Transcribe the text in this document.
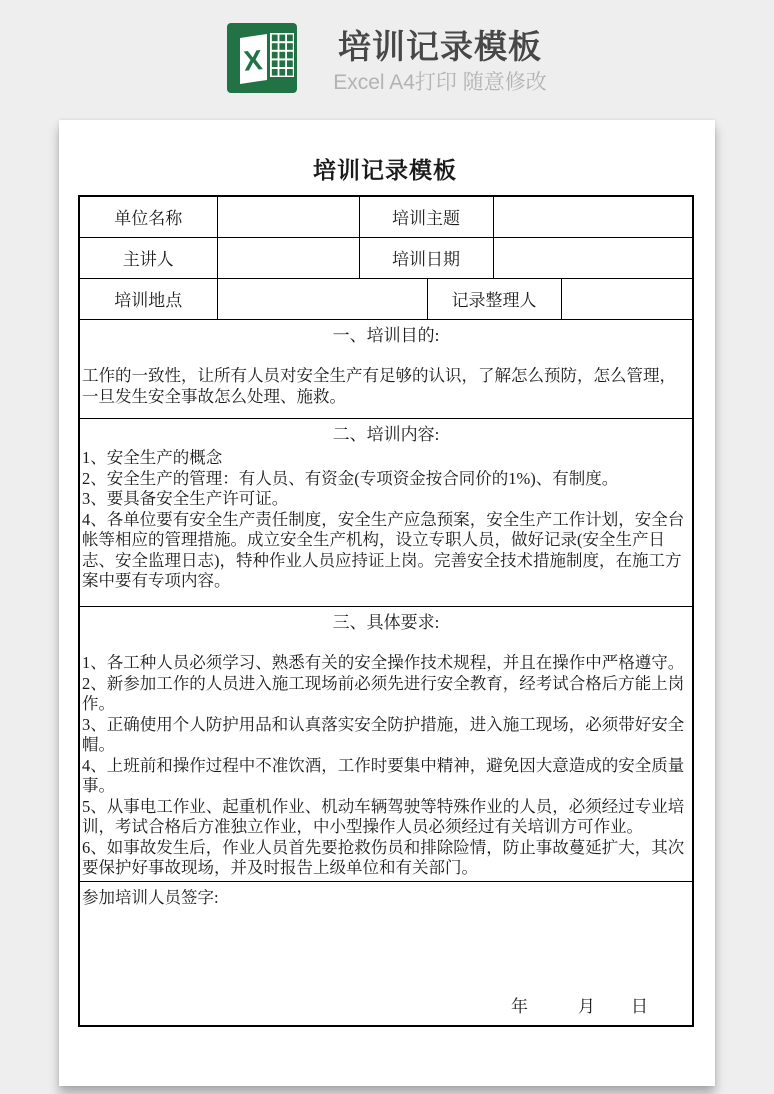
X 培训记录模板
Excel A4打印 随意修改
培训记录模板
单位名称		培训主题			
主讲人		培训日期			
培训地点			记录整理人		

一、培训目的:
工作的一致性，让所有人员对安全生产有足够的认识，了解怎么预防，怎么管理，一旦发生安全事故怎么处理、施救。					

二、培训内容:
1、安全生产的概念
2、安全生产的管理：有人员、有资金(专项资金按合同价的1%)、有制度。
3、要具备安全生产许可证。
4、各单位要有安全生产责任制度，安全生产应急预案，安全生产工作计划，安全台帐等相应的管理措施。成立安全生产机构，设立专职人员，做好记录(安全生产日志、安全监理日志)，特种作业人员应持证上岗。完善安全技术措施制度，在施工方案中要有专项内容。					

三、具体要求:
1、各工种人员必须学习、熟悉有关的安全操作技术规程，并且在操作中严格遵守。
2、新参加工作的人员进入施工现场前必须先进行安全教育，经考试合格后方能上岗作。
3、正确使用个人防护用品和认真落实安全防护措施，进入施工现场，必须带好安全帽。
4、上班前和操作过程中不准饮酒，工作时要集中精神，避免因大意造成的安全质量事。
5、从事电工作业、起重机作业、机动车辆驾驶等特殊作业的人员，必须经过专业培训，考试合格后方准独立作业，中小型操作人员必须经过有关培训方可作业。
6、如事故发生后，作业人员首先要抢救伤员和排除险情，防止事故蔓延扩大，其次要保护好事故现场，并及时报告上级单位和有关部门。

参加培训人员签字:
年 月 日					
